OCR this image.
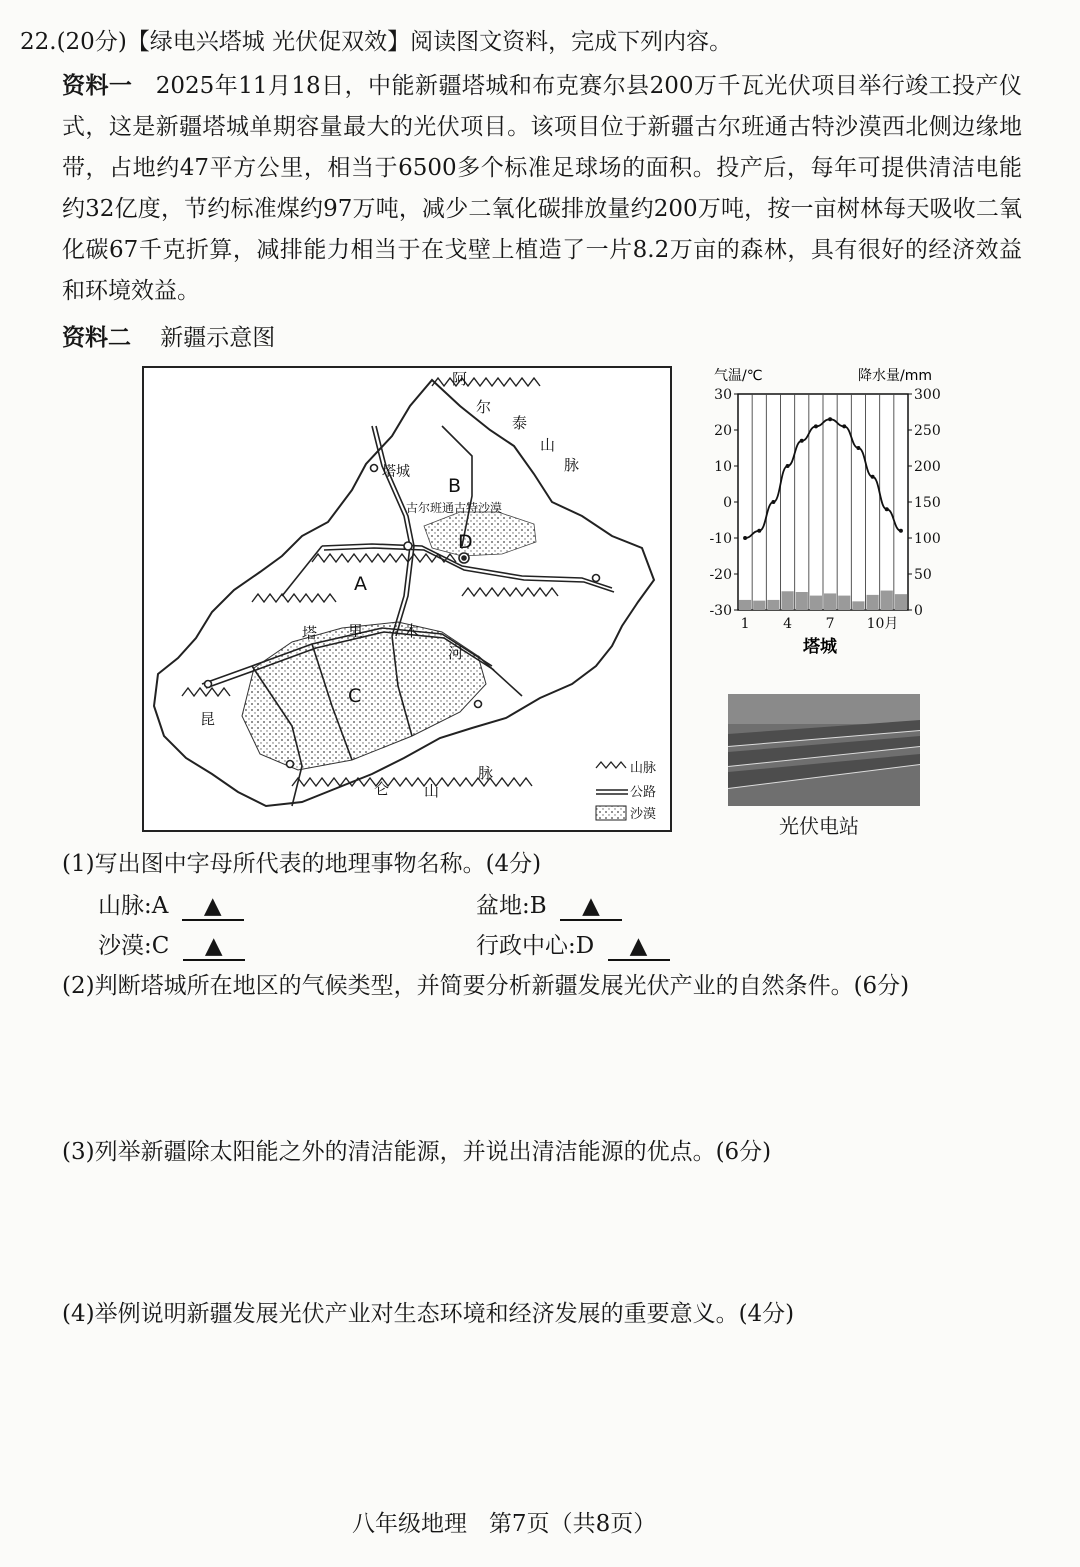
22.(20分)【绿电兴塔城 光伏促双效】阅读图文资料，完成下列内容。
资料一 2025年11月18日，中能新疆塔城和布克赛尔县200万千瓦光伏项目举行竣工投产仪式，这是新疆塔城单期容量最大的光伏项目。该项目位于新疆古尔班通古特沙漠西北侧边缘地带，占地约47平方公里，相当于6500多个标准足球场的面积。投产后，每年可提供清洁电能约32亿度，节约标准煤约97万吨，减少二氧化碳排放量约200万吨，按一亩树林每天吸收二氧化碳67千克折算，减排能力相当于在戈壁上植造了一片8.2万亩的森林，具有很好的经济效益和环境效益。
资料二 新疆示意图
阿
尔
泰
山
脉
塔城
古尔班通古特沙漠
塔 里	木
河
昆
仑 山
脉
B
D
A
C
山脉
公路
沙漠
30
20
10
0
-10
-20
-30
300
250
200
150
100
50
0
1 4 7 10月
气温/℃	降水量/mm
塔城
光伏电站
(1)写出图中字母所代表的地理事物名称。(4分)
山脉:A ▲	盆地:B ▲
沙漠:C ▲	行政中心:D ▲
(2)判断塔城所在地区的气候类型，并简要分析新疆发展光伏产业的自然条件。(6分)
(3)列举新疆除太阳能之外的清洁能源，并说出清洁能源的优点。(6分)
(4)举例说明新疆发展光伏产业对生态环境和经济发展的重要意义。(4分)
八年级地理   第7页（共8页）
